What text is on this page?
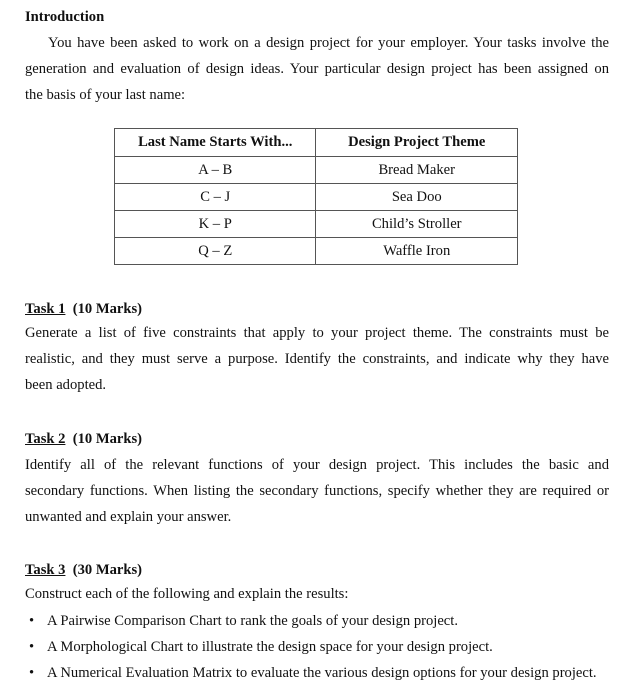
Introduction
You have been asked to work on a design project for your employer. Your tasks involve the
generation and evaluation of design ideas. Your particular design project has been assigned on
the basis of your last name:
Last Name Starts With...	Design Project Theme
A – B	Bread Maker
C – J	Sea Doo
K – P	Child’s Stroller
Q – Z	Waffle Iron
Task 1 (10 Marks)
Generate a list of five constraints that apply to your project theme. The constraints must be
realistic, and they must serve a purpose. Identify the constraints, and indicate why they have
been adopted.
Task 2 (10 Marks)
Identify all of the relevant functions of your design project. This includes the basic and
secondary functions. When listing the secondary functions, specify whether they are required or
unwanted and explain your answer.
Task 3 (30 Marks)
Construct each of the following and explain the results:
• A Pairwise Comparison Chart to rank the goals of your design project.
• A Morphological Chart to illustrate the design space for your design project.
• A Numerical Evaluation Matrix to evaluate the various design options for your design project.
